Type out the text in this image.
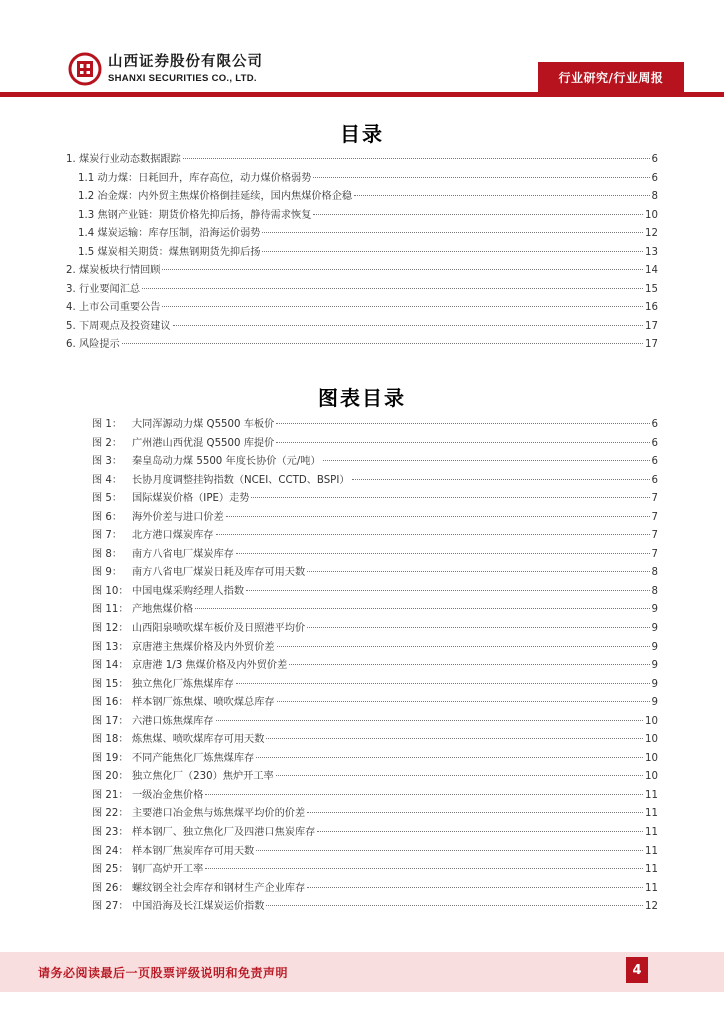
山西证券股份有限公司
SHANXI SECURITIES CO., LTD.	行业研究/行业周报
目录
1. 煤炭行业动态数据跟踪	6
1.1 动力煤：日耗回升，库存高位，动力煤价格弱势	6
1.2 冶金煤：内外贸主焦煤价格倒挂延续，国内焦煤价格企稳	8
1.3 焦钢产业链：期货价格先抑后扬，静待需求恢复	10
1.4 煤炭运输：库存压制，沿海运价弱势	12
1.5 煤炭相关期货：煤焦钢期货先抑后扬	13
2. 煤炭板块行情回顾	14
3. 行业要闻汇总	15
4. 上市公司重要公告	16
5. 下周观点及投资建议	17
6. 风险提示	17
图表目录
图 1： 大同浑源动力煤 Q5500 车板价	6
图 2： 广州港山西优混 Q5500 库提价	6
图 3： 秦皇岛动力煤 5500 年度长协价（元/吨）	6
图 4： 长协月度调整挂钩指数（NCEI、CCTD、BSPI）	6
图 5： 国际煤炭价格（IPE）走势	7
图 6： 海外价差与进口价差	7
图 7： 北方港口煤炭库存	7
图 8： 南方八省电厂煤炭库存	7
图 9： 南方八省电厂煤炭日耗及库存可用天数	8
图 10： 中国电煤采购经理人指数	8
图 11： 产地焦煤价格	9
图 12： 山西阳泉喷吹煤车板价及日照港平均价	9
图 13： 京唐港主焦煤价格及内外贸价差	9
图 14： 京唐港 1/3 焦煤价格及内外贸价差	9
图 15： 独立焦化厂炼焦煤库存	9
图 16： 样本钢厂炼焦煤、喷吹煤总库存	9
图 17： 六港口炼焦煤库存	10
图 18： 炼焦煤、喷吹煤库存可用天数	10
图 19： 不同产能焦化厂炼焦煤库存	10
图 20： 独立焦化厂（230）焦炉开工率	10
图 21： 一级冶金焦价格	11
图 22： 主要港口冶金焦与炼焦煤平均价的价差	11
图 23： 样本钢厂、独立焦化厂及四港口焦炭库存	11
图 24： 样本钢厂焦炭库存可用天数	11
图 25： 钢厂高炉开工率	11
图 26： 螺纹钢全社会库存和钢材生产企业库存	11
图 27： 中国沿海及长江煤炭运价指数	12
请务必阅读最后一页股票评级说明和免责声明	4
